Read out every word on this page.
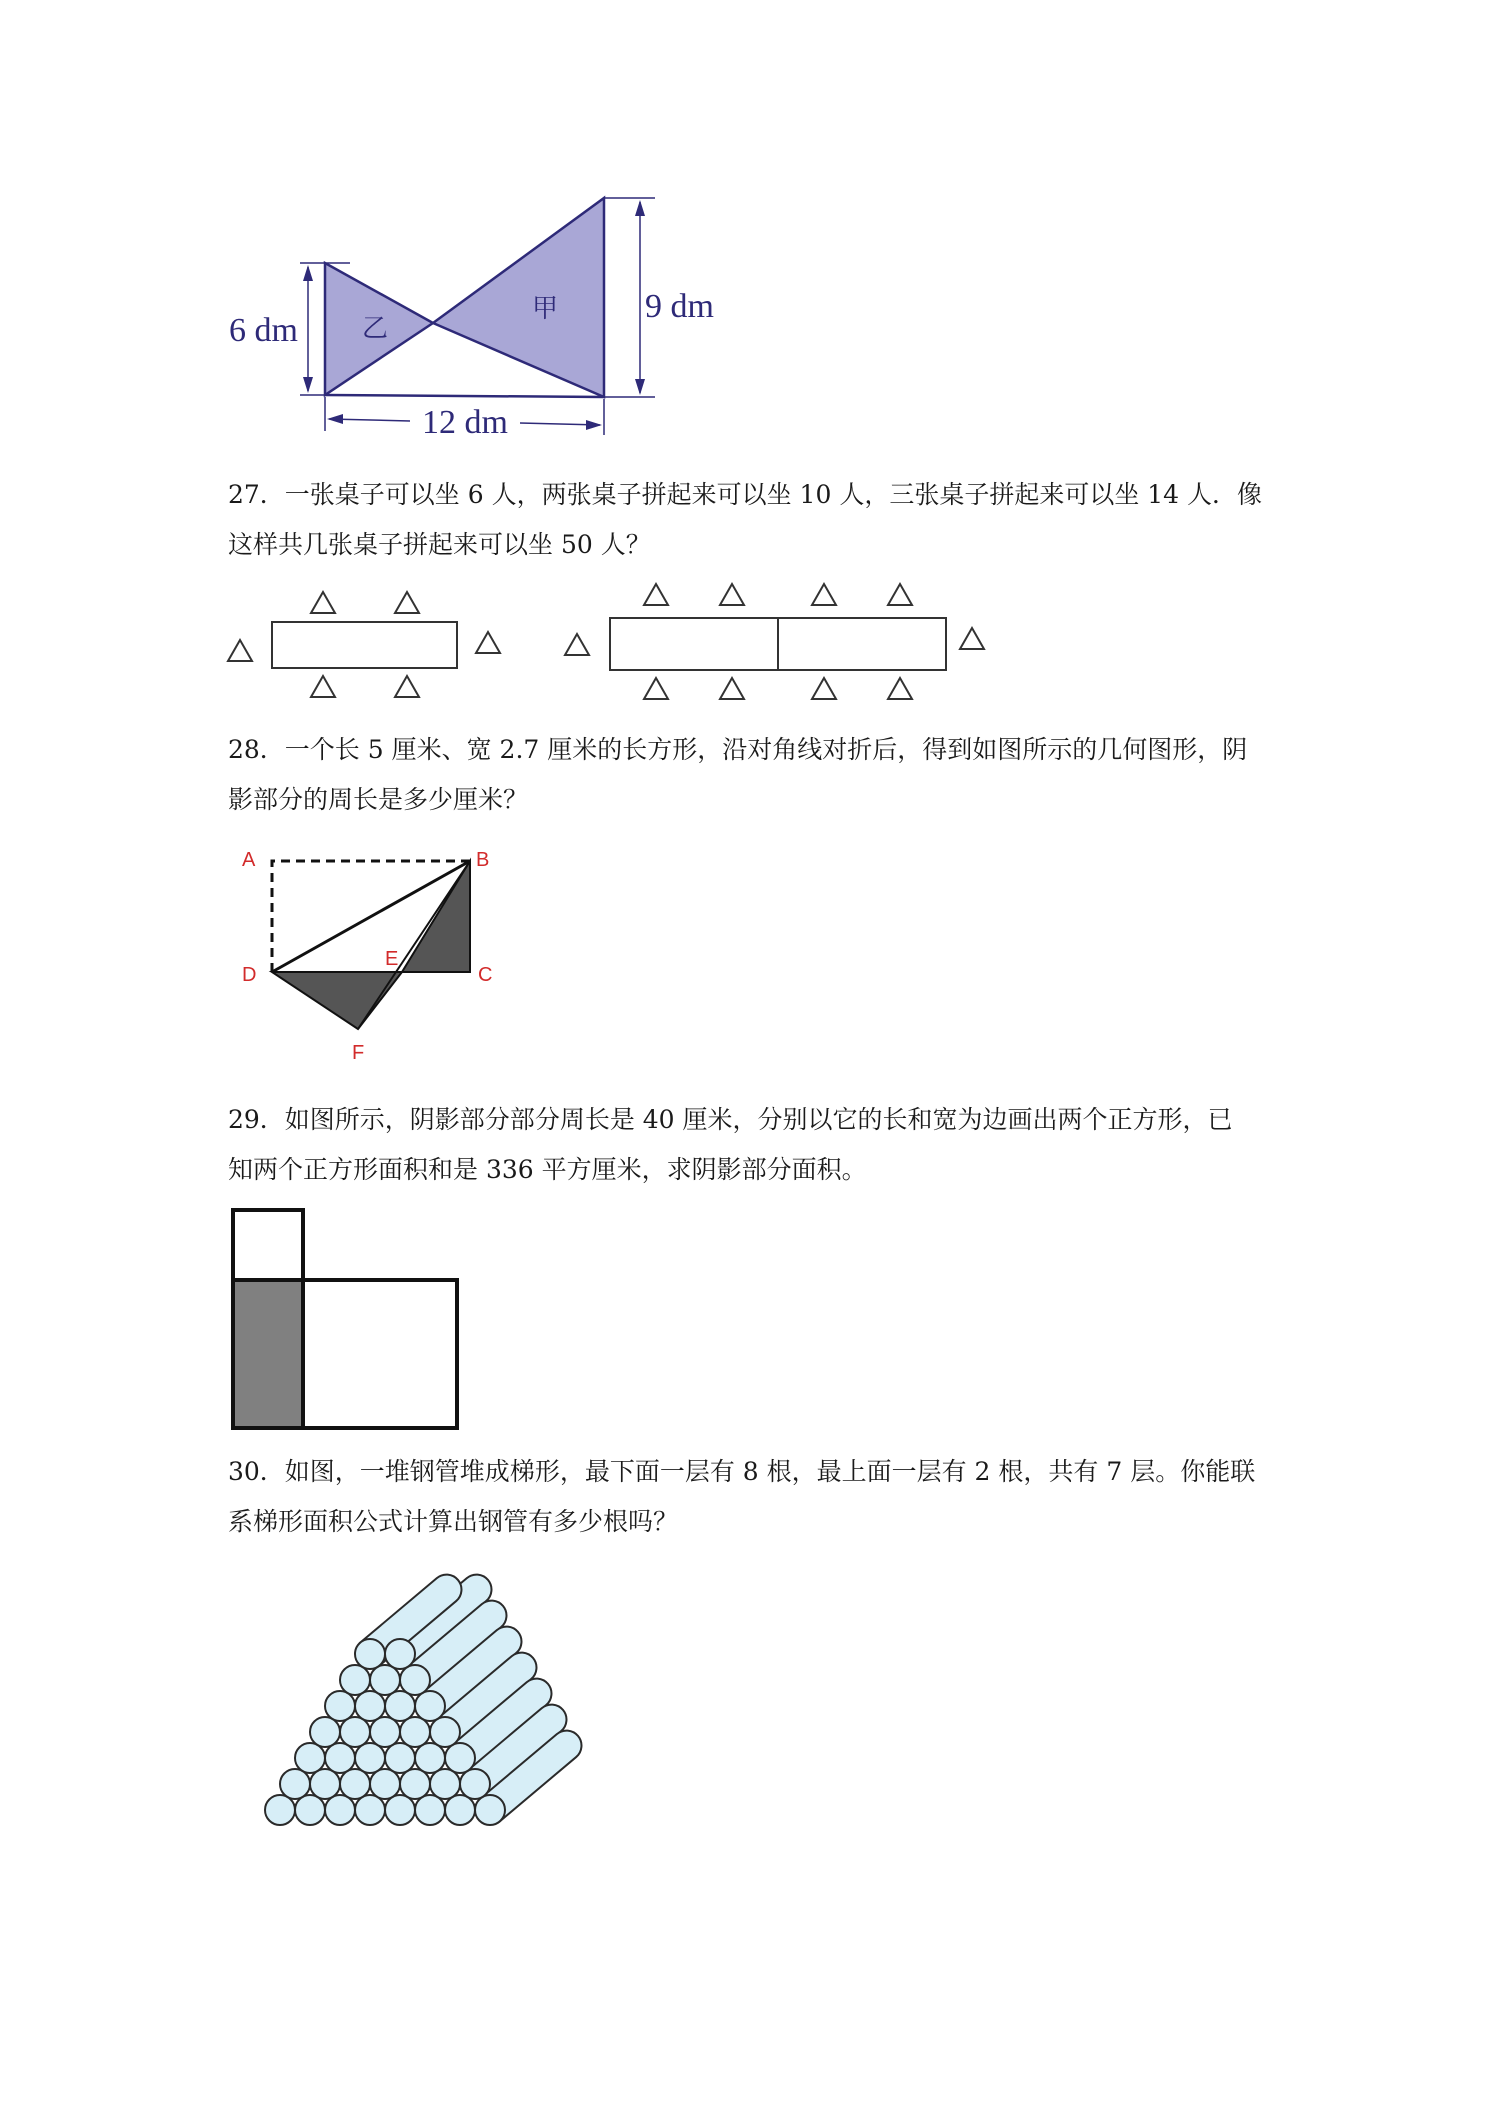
6 dm
9 dm
12 dm
乙
甲

27．一张桌子可以坐 6 人，两张桌子拼起来可以坐 10 人，三张桌子拼起来可以坐 14 人．像

这样共几张桌子拼起来可以坐 50 人？

28．一个长 5 厘米、宽 2.7 厘米的长方形，沿对角线对折后，得到如图所示的几何图形，阴

影部分的周长是多少厘米？

A	B
C
D
E
F

29．如图所示，阴影部分部分周长是 40 厘米，分别以它的长和宽为边画出两个正方形，已

知两个正方形面积和是 336 平方厘米，求阴影部分面积。

30．如图，一堆钢管堆成梯形，最下面一层有 8 根，最上面一层有 2 根，共有 7 层。你能联

系梯形面积公式计算出钢管有多少根吗？
